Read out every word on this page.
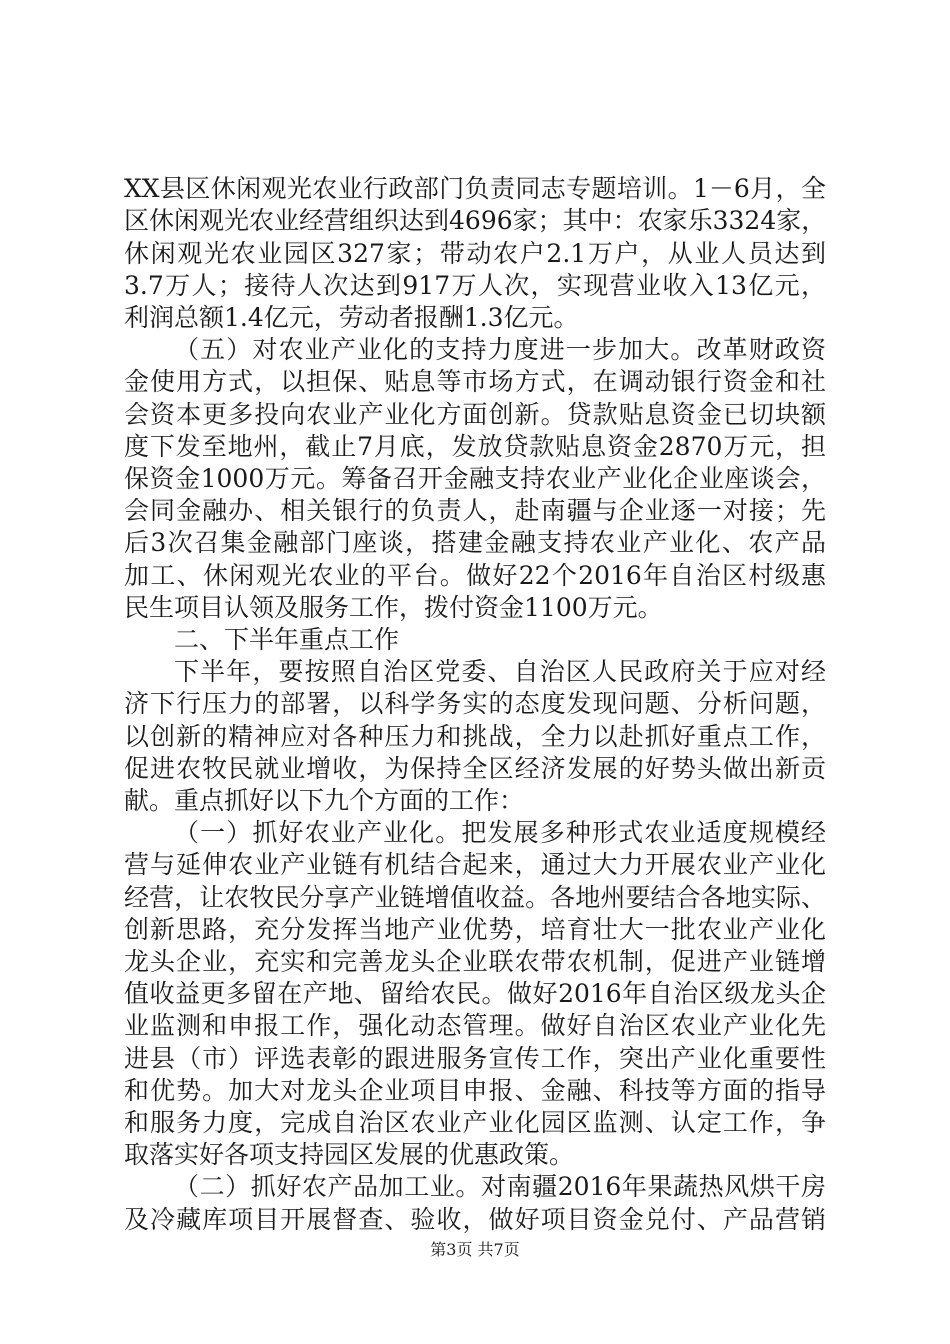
XX县区休闲观光农业行政部门负责同志专题培训。1－6月，全
区休闲观光农业经营组织达到4696家；其中：农家乐3324家，
休闲观光农业园区327家；带动农户2.1万户，从业人员达到
3.7万人；接待人次达到917万人次，实现营业收入13亿元，
利润总额1.4亿元，劳动者报酬1.3亿元。
（五）对农业产业化的支持力度进一步加大。改革财政资
金使用方式，以担保、贴息等市场方式，在调动银行资金和社
会资本更多投向农业产业化方面创新。贷款贴息资金已切块额
度下发至地州，截止7月底，发放贷款贴息资金2870万元，担
保资金1000万元。筹备召开金融支持农业产业化企业座谈会，
会同金融办、相关银行的负责人，赴南疆与企业逐一对接；先
后3次召集金融部门座谈，搭建金融支持农业产业化、农产品
加工、休闲观光农业的平台。做好22个2016年自治区村级惠
民生项目认领及服务工作，拨付资金1100万元。
二、下半年重点工作
下半年，要按照自治区党委、自治区人民政府关于应对经
济下行压力的部署，以科学务实的态度发现问题、分析问题，
以创新的精神应对各种压力和挑战，全力以赴抓好重点工作，
促进农牧民就业增收，为保持全区经济发展的好势头做出新贡
献。重点抓好以下九个方面的工作：
（一）抓好农业产业化。把发展多种形式农业适度规模经
营与延伸农业产业链有机结合起来，通过大力开展农业产业化
经营，让农牧民分享产业链增值收益。各地州要结合各地实际、
创新思路，充分发挥当地产业优势，培育壮大一批农业产业化
龙头企业，充实和完善龙头企业联农带农机制，促进产业链增
值收益更多留在产地、留给农民。做好2016年自治区级龙头企
业监测和申报工作，强化动态管理。做好自治区农业产业化先
进县（市）评选表彰的跟进服务宣传工作，突出产业化重要性
和优势。加大对龙头企业项目申报、金融、科技等方面的指导
和服务力度，完成自治区农业产业化园区监测、认定工作，争
取落实好各项支持园区发展的优惠政策。
（二）抓好农产品加工业。对南疆2016年果蔬热风烘干房
及冷藏库项目开展督查、验收，做好项目资金兑付、产品营销
第3页 共7页
